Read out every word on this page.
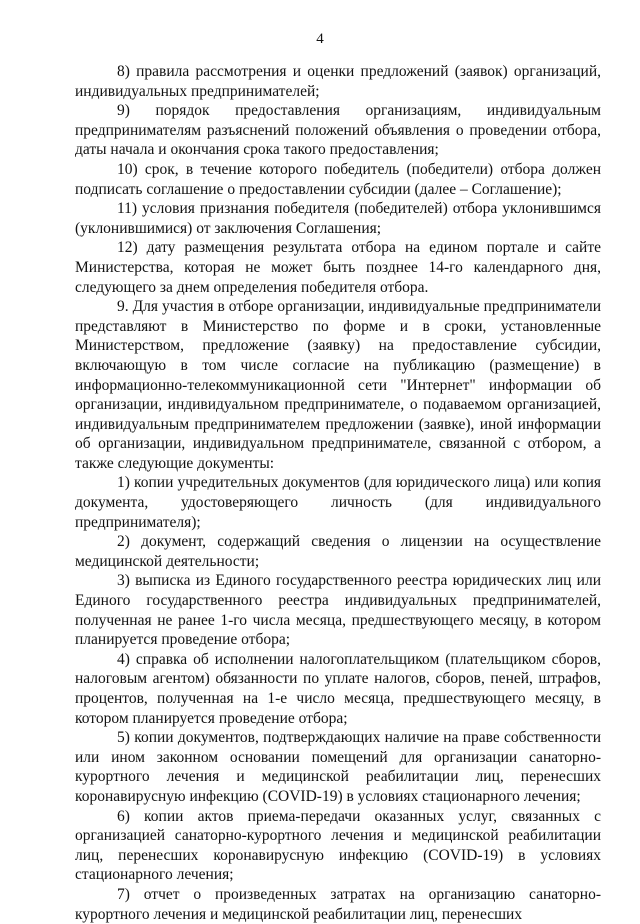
4

8) правила рассмотрения и оценки предложений (заявок) организаций, индивидуальных предпринимателей;

9) порядок предоставления организациям, индивидуальным предпринимателям разъяснений положений объявления о проведении отбора, даты начала и окончания срока такого предоставления;

10) срок, в течение которого победитель (победители) отбора должен подписать соглашение о предоставлении субсидии (далее – Соглашение);

11) условия признания победителя (победителей) отбора уклонившимся (уклонившимися) от заключения Соглашения;

12) дату размещения результата отбора на едином портале и сайте Министерства, которая не может быть позднее 14-го календарного дня, следующего за днем определения победителя отбора.

9. Для участия в отборе организации, индивидуальные предприниматели представляют в Министерство по форме и в сроки, установленные Министерством, предложение (заявку) на предоставление субсидии, включающую в том числе согласие на публикацию (размещение) в информационно-телекоммуникационной сети "Интернет" информации об организации, индивидуальном предпринимателе, о подаваемом организацией, индивидуальным предпринимателем предложении (заявке), иной информации об организации, индивидуальном предпринимателе, связанной с отбором, а также следующие документы:

1) копии учредительных документов (для юридического лица) или копия документа, удостоверяющего личность (для индивидуального предпринимателя);

2) документ, содержащий сведения о лицензии на осуществление медицинской деятельности;

3) выписка из Единого государственного реестра юридических лиц или Единого государственного реестра индивидуальных предпринимателей, полученная не ранее 1-го числа месяца, предшествующего месяцу, в котором планируется проведение отбора;

4) справка об исполнении налогоплательщиком (плательщиком сборов, налоговым агентом) обязанности по уплате налогов, сборов, пеней, штрафов, процентов, полученная на 1-е число месяца, предшествующего месяцу, в котором планируется проведение отбора;

5) копии документов, подтверждающих наличие на праве собственности или ином законном основании помещений для организации санаторно-курортного лечения и медицинской реабилитации лиц, перенесших коронавирусную инфекцию (COVID-19) в условиях стационарного лечения;

6) копии актов приема-передачи оказанных услуг, связанных с организацией санаторно-курортного лечения и медицинской реабилитации лиц, перенесших коронавирусную инфекцию (COVID-19) в условиях стационарного лечения;

7) отчет о произведенных затратах на организацию санаторно-курортного лечения и медицинской реабилитации лиц, перенесших
